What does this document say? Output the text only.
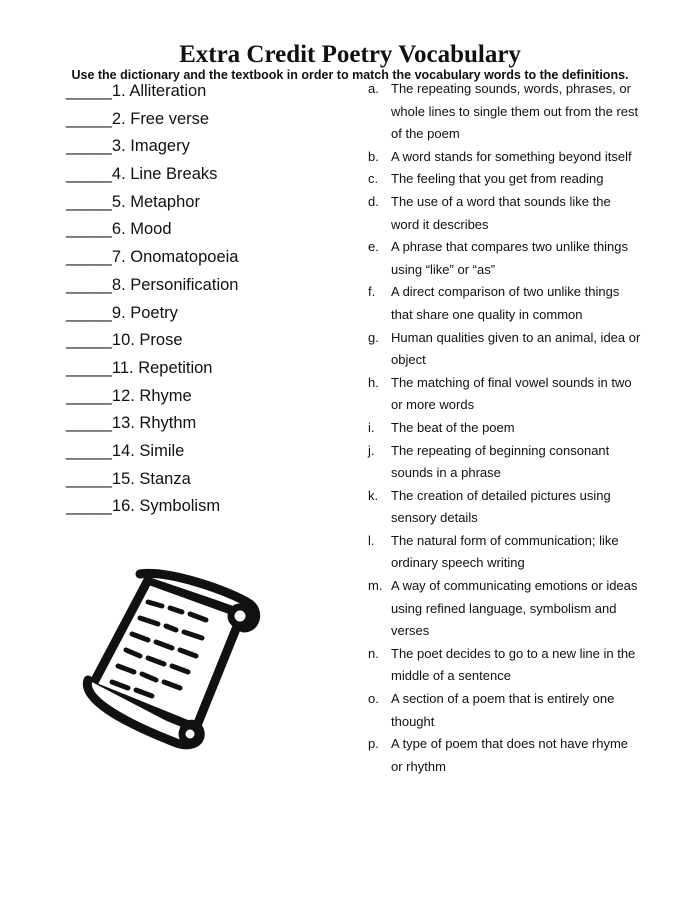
Extra Credit Poetry Vocabulary

Use the dictionary and the textbook in order to match the vocabulary words to the definitions.

_____1. Alliteration
_____2. Free verse
_____3. Imagery
_____4. Line Breaks
_____5. Metaphor
_____6. Mood
_____7. Onomatopoeia
_____8. Personification
_____9. Poetry
_____10. Prose
_____11. Repetition
_____12. Rhyme
_____13. Rhythm
_____14. Simile
_____15. Stanza
_____16. Symbolism
a. The repeating sounds, words, phrases, or whole lines to single them out from the rest of the poem
b. A word stands for something beyond itself
c. The feeling that you get from reading
d. The use of a word that sounds like the word it describes
e. A phrase that compares two unlike things using “like” or “as”
f.	A direct comparison of two unlike things that share one quality in common
g. Human qualities given to an animal, idea or object
h. The matching of final vowel sounds in two or more words
i.	The beat of the poem
j.	The repeating of beginning consonant sounds in a phrase
k. The creation of detailed pictures using sensory details
l.	The natural form of communication; like ordinary speech writing
m. A way of communicating emotions or ideas using refined language, symbolism and verses
n. The poet decides to go to a new line in the middle of a sentence
o. A section of a poem that is entirely one thought
p. A type of poem that does not have rhyme or rhythm
